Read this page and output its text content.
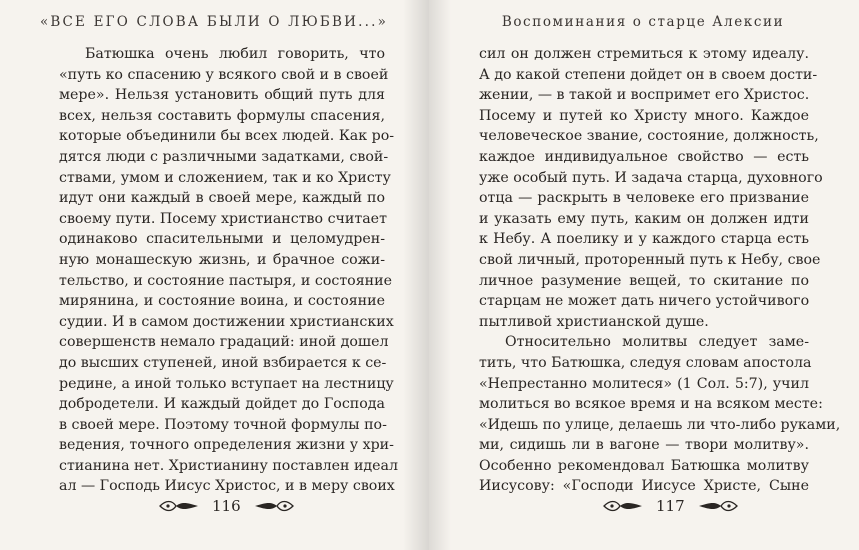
«ВСЕ ЕГО СЛОВА БЫЛИ О ЛЮБВИ...»
Батюшка очень любил говорить, что
«путь ко спасению у всякого свой и в своей
мере». Нельзя установить общий путь для
всех, нельзя составить формулы спасения,
которые объединили бы всех людей. Как ро-
дятся люди с различными задатками, свой-
ствами, умом и сложением, так и ко Христу
идут они каждый в своей мере, каждый по
своему пути. Посему христианство считает
одинаково спасительными и целомудрен-
ную монашескую жизнь, и брачное сожи-
тельство, и состояние пастыря, и состояние
мирянина, и состояние воина, и состояние
судии. И в самом достижении христианских
совершенств немало градаций: иной дошел
до высших ступеней, иной взбирается к се-
редине, а иной только вступает на лестницу
добродетели. И каждый дойдет до Господа
в своей мере. Поэтому точной формулы по-
ведения, точного определения жизни у хри-
стианина нет. Христианину поставлен идеал
ал — Господь Иисус Христос, и в меру своих
116
Воспоминания о старце Алексии
сил он должен стремиться к этому идеалу.
А до какой степени дойдет он в своем дости-
жении, — в такой и воспримет его Христос.
Посему и путей ко Христу много. Каждое
человеческое звание, состояние, должность,
каждое индивидуальное свойство — есть
уже особый путь. И задача старца, духовного
отца — раскрыть в человеке его призвание
и указать ему путь, каким он должен идти
к Небу. А поелику и у каждого старца есть
свой личный, проторенный путь к Небу, свое
личное разумение вещей, то скитание по
старцам не может дать ничего устойчивого
пытливой христианской душе.
Относительно молитвы следует заме-
тить, что Батюшка, следуя словам апостола
«Непрестанно молитеся» (1 Сол. 5:7), учил
молиться во всякое время и на всяком месте:
«Идешь по улице, делаешь ли что-либо руками,
ми, сидишь ли в вагоне — твори молитву».
Особенно рекомендовал Батюшка молитву
Иисусову: «Господи Иисусе Христе, Сыне
117
